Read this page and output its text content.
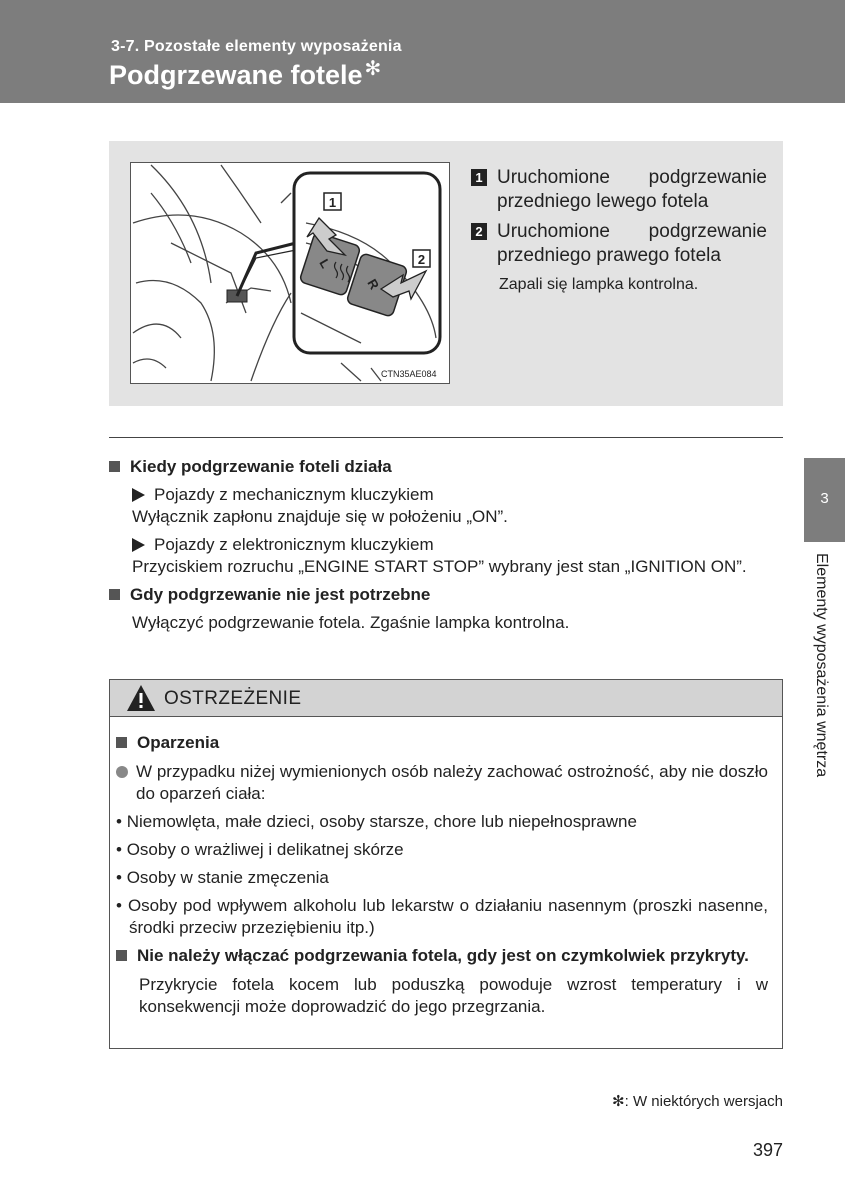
3-7. Pozostałe elementy wyposażenia
Podgrzewane fotele ✻
L
R
1
2
CTN35AE084
1 Uruchomione podgrzewanie przedniego lewego fotela
2 Uruchomione podgrzewanie przedniego prawego fotela
Zapali się lampka kontrolna.
Kiedy podgrzewanie foteli działa
Pojazdy z mechanicznym kluczykiem
Wyłącznik zapłonu znajduje się w położeniu „ON”.
Pojazdy z elektronicznym kluczykiem
Przyciskiem rozruchu „ENGINE START STOP” wybrany jest stan „IGNITION ON”.
Gdy podgrzewanie nie jest potrzebne
Wyłączyć podgrzewanie fotela. Zgaśnie lampka kontrolna.
OSTRZEŻENIE
Oparzenia
W przypadku niżej wymienionych osób należy zachować ostrożność, aby nie doszło do oparzeń ciała:
• Niemowlęta, małe dzieci, osoby starsze, chore lub niepełnosprawne
• Osoby o wrażliwej i delikatnej skórze
• Osoby w stanie zmęczenia
• Osoby pod wpływem alkoholu lub lekarstw o działaniu nasennym (proszki nasenne, środki przeciw przeziębieniu itp.)
Nie należy włączać podgrzewania fotela, gdy jest on czymkolwiek przykryty.
Przykrycie fotela kocem lub poduszką powoduje wzrost temperatury i w konsekwencji może doprowadzić do jego przegrzania.
✻: W niektórych wersjach
397
3
Elementy wyposażenia wnętrza
